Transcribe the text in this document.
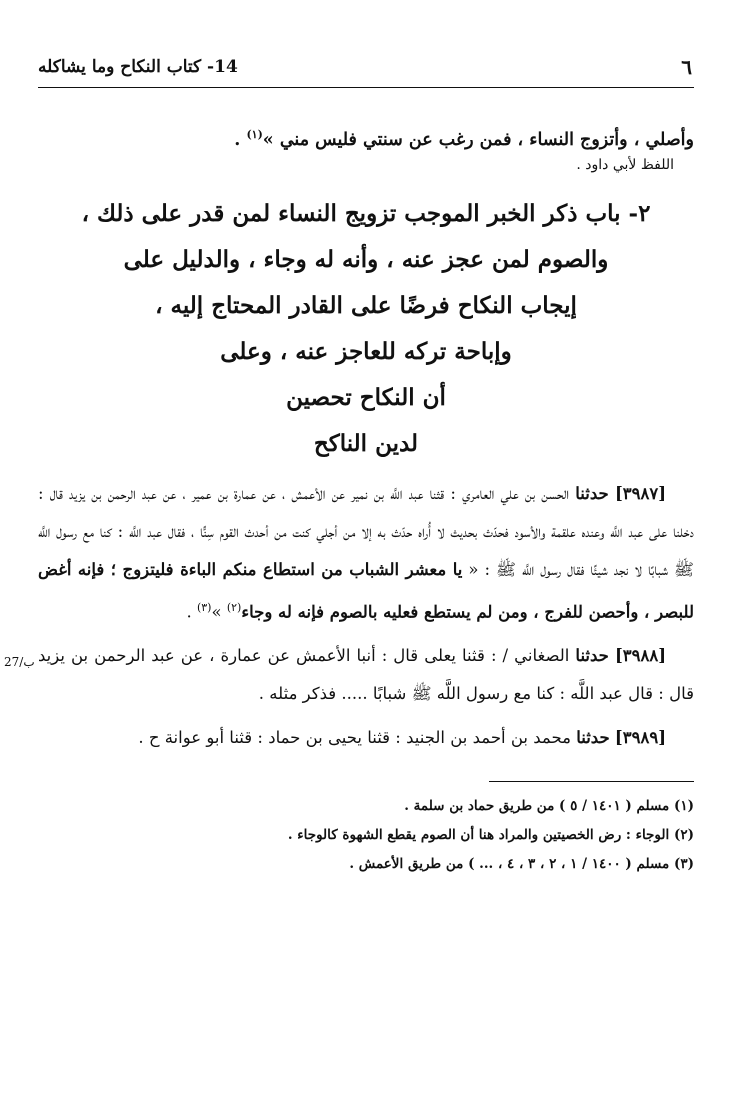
٦
14- كتاب النكاح وما يشاكله

وأصلي ، وأتزوج النساء ، فمن رغب عن سنتي فليس مني »$^{(١)}$ .

اللفظ لأبي داود .

٢- باب ذكر الخبر الموجب تزويج النساء لمن قدر على ذلك ،
والصوم لمن عجز عنه ، وأنه له وجاء ، والدليل على
إيجاب النكاح فرضًا على القادر المحتاج إليه ،
وإباحة تركه للعاجز عنه ، وعلى
أن النكاح تحصين
لدين الناكح

[٣٩٨٧] حدثنا الحسن بن علي العامري : قثنا عبد اللَّه بن نمير عن الأعمش ، عن عمارة بن عمير ، عن عبد الرحمن بن يزيد قال : دخلنا على عبد اللَّه وعنده علقمة والأسود فحدّث بحديث لا أُراه حدّث به إلا من أجلي كنت من أحدث القوم سِنًّا ، فقال عبد اللَّه : كنا مع رسول اللَّه ﷺ شبابًا لا نجد شيئًا فقال رسول اللَّه ﷺ : « يا معشر الشباب من استطاع منكم الباءة فليتزوج ؛ فإنه أغض للبصر ، وأحصن للفرج ، ومن لم يستطع فعليه بالصوم فإنه له وجاء$^{(٢)}$ »$^{(٣)}$ .

27/ب	[٣٩٨٨] حدثنا الصغاني / : قثنا يعلى قال : أنبا الأعمش عن عمارة ، عن عبد الرحمن بن يزيد قال : قال عبد اللَّه : كنا مع رسول اللَّه ﷺ شبابًا ..... فذكر مثله .

[٣٩٨٩] حدثنا محمد بن أحمد بن الجنيد : قثنا يحيى بن حماد : قثنا أبو عوانة ح .

(١) مسلم ( ١٤٠١ / ٥ ) من طريق حماد بن سلمة .
(٢) الوجاء : رض الخصيتين والمراد هنا أن الصوم يقطع الشهوة كالوجاء .
(٣) مسلم ( ١٤٠٠ / ١ ، ٢ ، ٣ ، ٤ ، ... ) من طريق الأعمش .
